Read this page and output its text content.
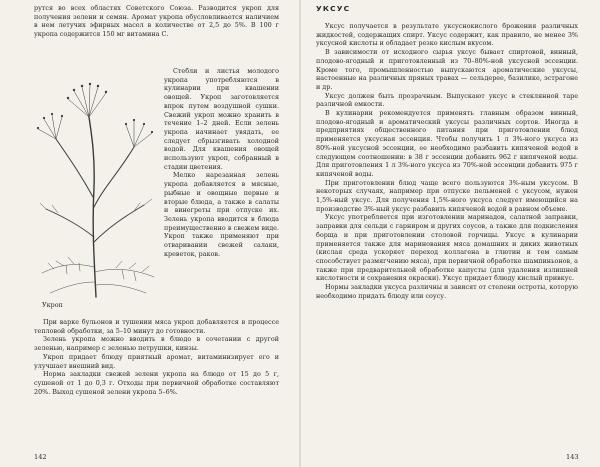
рутся во всех областях Советского Союза. Разводится укроп для получения зелени и семян. Аромат укропа обусловливается наличием в нем летучих эфирных масел в количестве от 2,5 до 5%. В 100 г укропа содержится 150 мг витамина С.

Укроп

Стебли и листья молодого укропа употребляются в кулинарии при квашении овощей. Укроп заготовляется впрок путем воздушной сушки. Свежий укроп можно хранить в течение 1–2 дней. Если зелень укропа начинает увядать, ее следует сбрызгивать холодной водой. Для квашения овощей используют укроп, собранный в стадии цветения.

Мелко нарезанная зелень укропа добавляется в мясные, рыбные и овощные первые и вторые блюда, а также в салаты и винегреты при отпуске их. Зелень укропа вводится в блюда преимущественно в свежем виде. Укроп также применяют при отваривании свежей салаки, креветок, раков.

При варке бульонов и тушении мяса укроп добавляется в процессе тепловой обработки, за 5–10 минут до готовности.

Зелень укропа можно вводить в блюдо в сочетании с другой зеленью, например с зеленью петрушки, кинзы.

Укроп придает блюду приятный аромат, витаминизирует его и улучшает внешний вид.

Норма закладки свежей зелени укропа на блюдо от 15 до 5 г, сушеной от 1 до 0,3 г. Отходы при первичной обработке составляют 20%. Выход сушеной зелени укропа 5–6%.

142
УКСУС

Уксус получается в результате уксуснокислого брожения различных жидкостей, содержащих спирт. Уксус содержит, как правило, не менее 3% уксусной кислоты и обладает резко кислым вкусом.

В зависимости от исходного сырья уксус бывает спиртовой, винный, плодово-ягодный и приготовленный из 70–80%-ной уксусной эссенции. Кроме того, промышленностью выпускаются ароматические уксусы, настоенные на различных пряных травах — сельдерее, базилике, эстрагоне и др.

Уксус должен быть прозрачным. Выпускают уксус в стеклянной таре различной емкости.

В кулинарии рекомендуется применять главным образом винный, плодово-ягодный и ароматический уксусы различных сортов. Иногда в предприятиях общественного питания при приготовлении блюд применяется уксусная эссенция. Чтобы получить 1 л 3%-ного уксуса из 80%-ной уксусной эссенции, ее необходимо разбавить кипяченой водой в следующем соотношении: в 38 г эссенции добавить 962 г кипяченой воды. Для приготовления 1 л 3%-ного уксуса из 70%-ной эссенции добавить 975 г кипяченой воды.

При приготовлении блюд чаще всего пользуются 3%-ным уксусом. В некоторых случаях, например при отпуске пельменей с уксусом, нужен 1,5%-ный уксус. Для получения 1,5%-ного уксуса следует имеющийся на производстве 3%-ный уксус разбавить кипяченой водой в равном объеме.

Уксус употребляется при изготовлении маринадов, салатной заправки, заправки для сельди с гарниром и других соусов, а также для подкисления борща и при приготовлении столовой горчицы. Уксус в кулинарии применяется также для маринования мяса домашних и диких животных (кислая среда ускоряет переход коллагена в глютин и тем самым способствует размягчению мяса), при первичной обработке шампиньонов, а также при предварительной обработке капусты (для удаления излишней кислотности и сохранения окраски). Уксус придает блюду кислый привкус.

Нормы закладки уксуса различны и зависят от степени остроты, которую необходимо придать блюду или соусу.

143
